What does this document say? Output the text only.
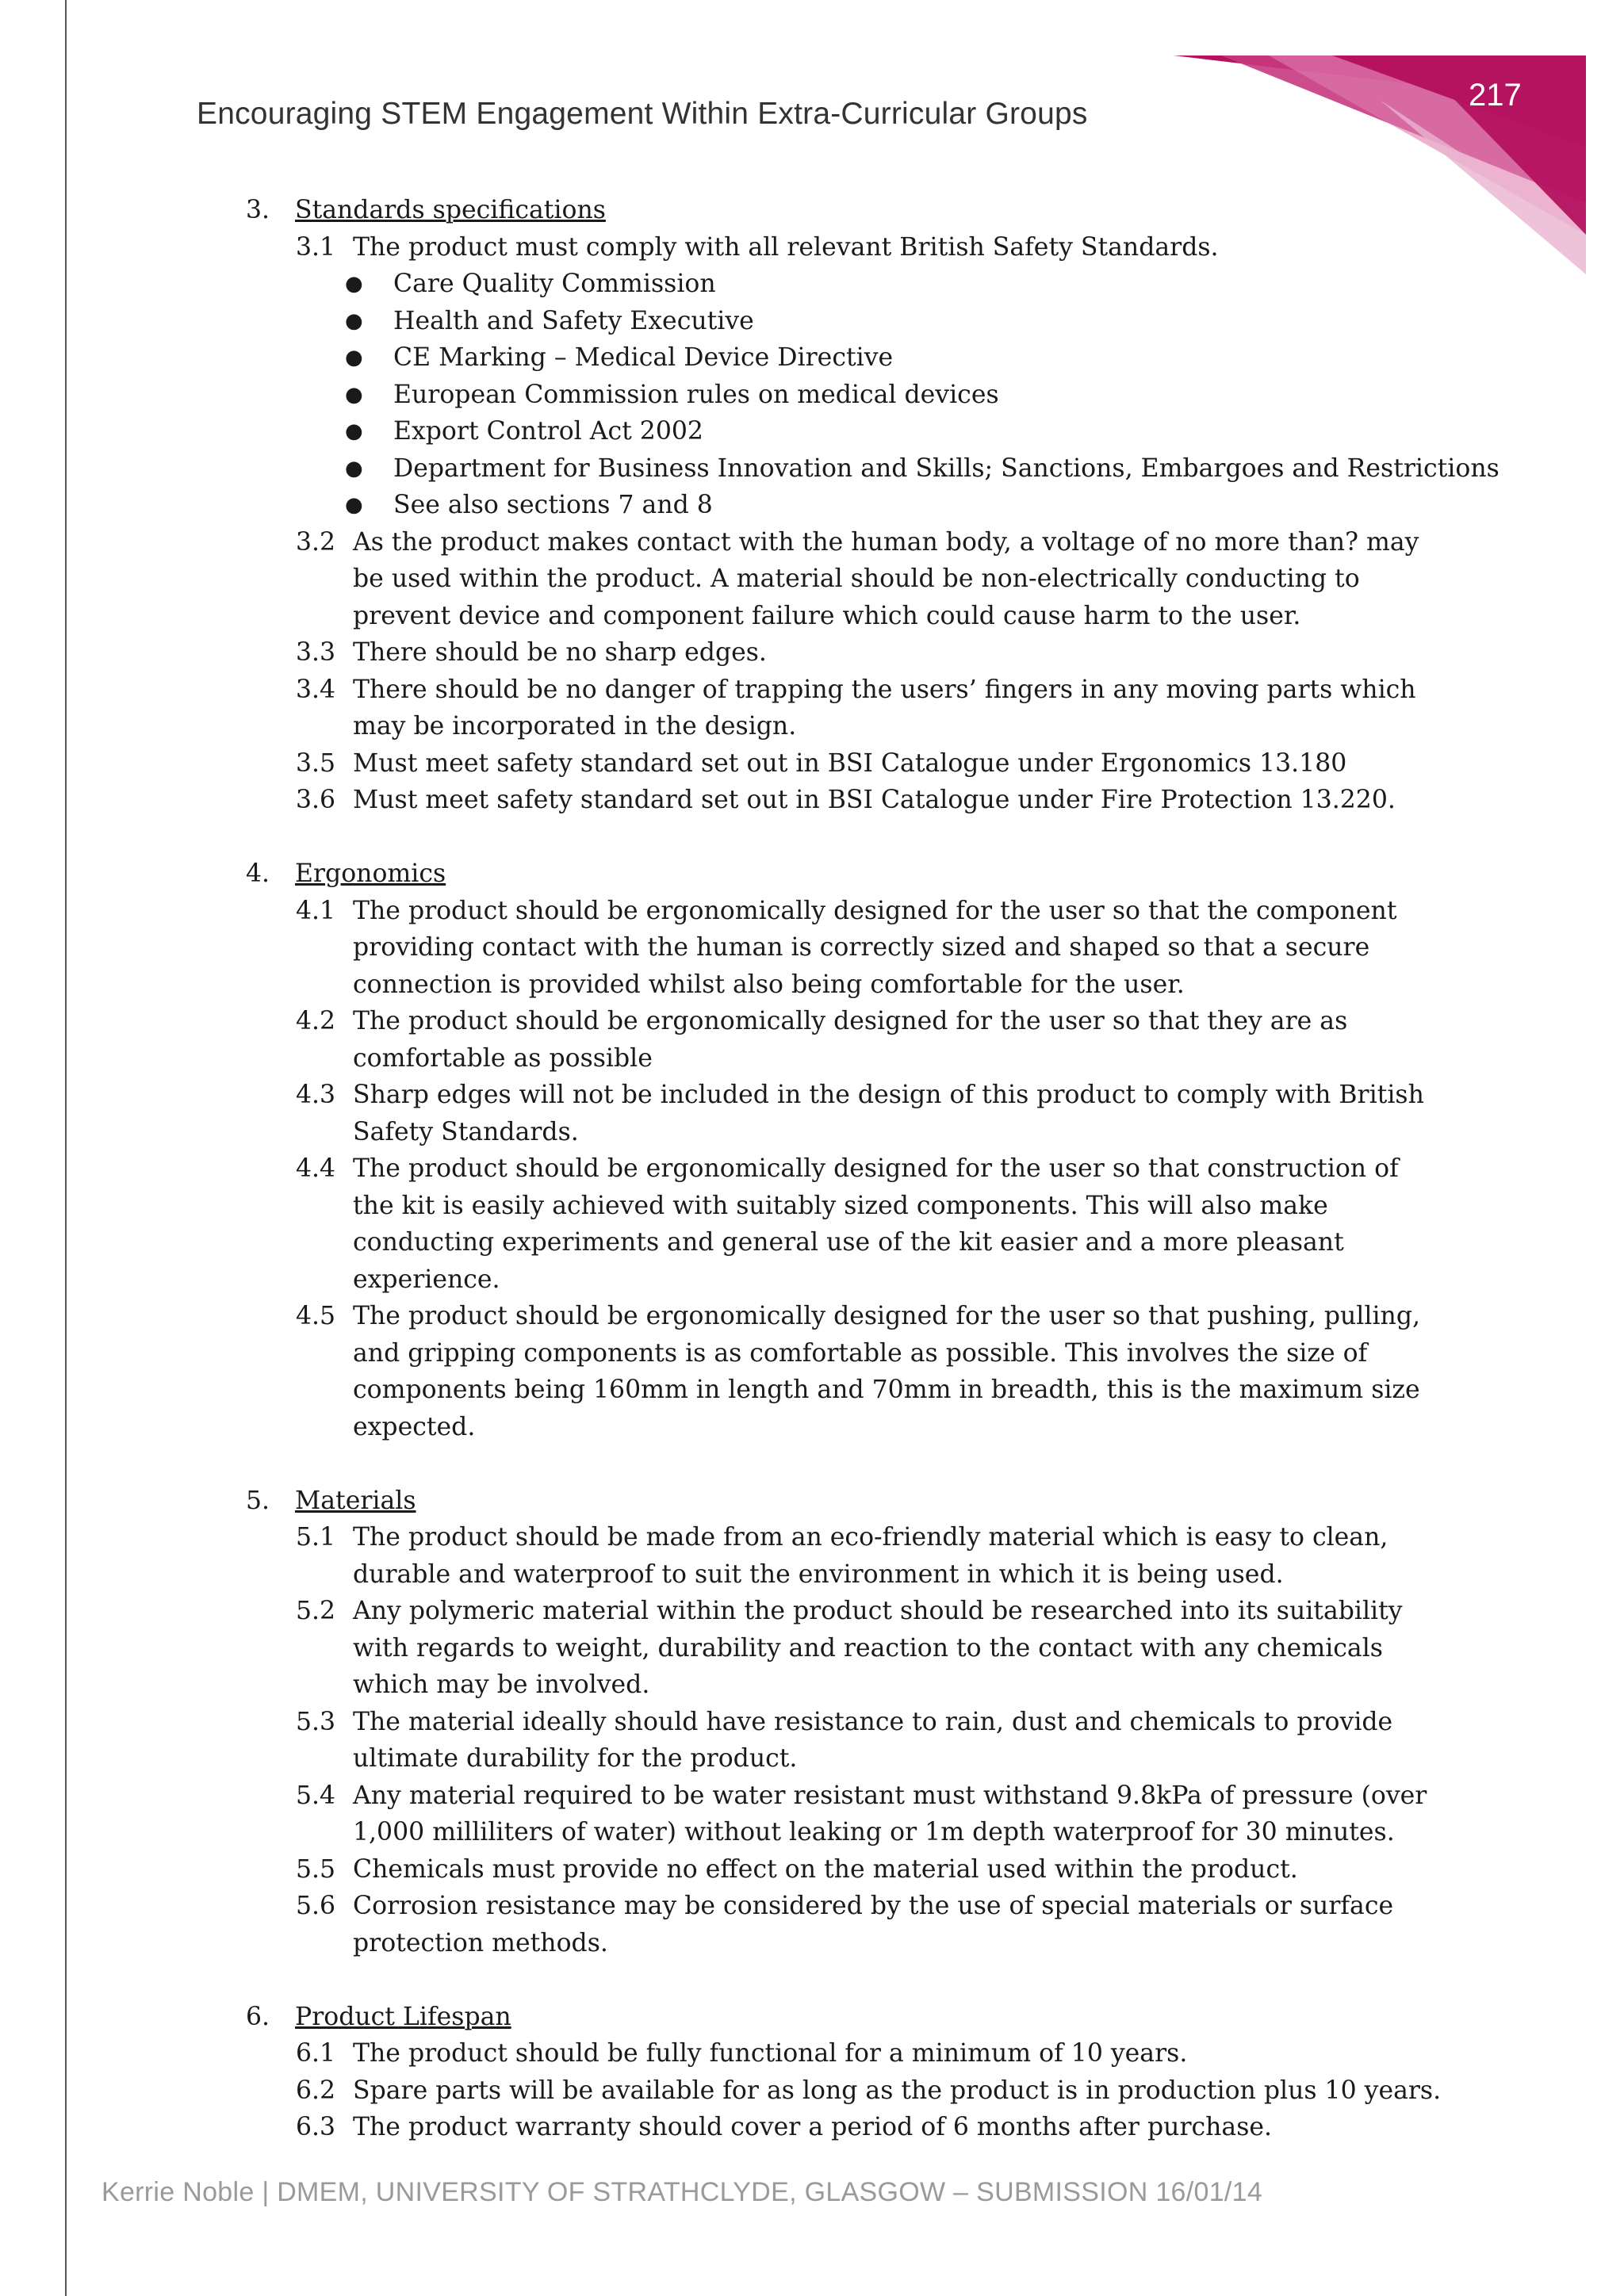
217
Encouraging STEM Engagement Within Extra-Curricular Groups
3. Standards specifications
3.1 The product must comply with all relevant British Safety Standards.
● Care Quality Commission
● Health and Safety Executive
● CE Marking – Medical Device Directive
● European Commission rules on medical devices
● Export Control Act 2002
● Department for Business Innovation and Skills; Sanctions, Embargoes and Restrictions
● See also sections 7 and 8
3.2 As the product makes contact with the human body, a voltage of no more than? may be used within the product. A material should be non-electrically conducting to prevent device and component failure which could cause harm to the user.
3.3 There should be no sharp edges.
3.4 There should be no danger of trapping the users’ fingers in any moving parts which may be incorporated in the design.
3.5 Must meet safety standard set out in BSI Catalogue under Ergonomics 13.180
3.6 Must meet safety standard set out in BSI Catalogue under Fire Protection 13.220.
4. Ergonomics
4.1 The product should be ergonomically designed for the user so that the component providing contact with the human is correctly sized and shaped so that a secure connection is provided whilst also being comfortable for the user.
4.2 The product should be ergonomically designed for the user so that they are as comfortable as possible
4.3 Sharp edges will not be included in the design of this product to comply with British Safety Standards.
4.4 The product should be ergonomically designed for the user so that construction of the kit is easily achieved with suitably sized components. This will also make conducting experiments and general use of the kit easier and a more pleasant experience.
4.5 The product should be ergonomically designed for the user so that pushing, pulling, and gripping components is as comfortable as possible. This involves the size of components being 160mm in length and 70mm in breadth, this is the maximum size expected.
5. Materials
5.1 The product should be made from an eco-friendly material which is easy to clean, durable and waterproof to suit the environment in which it is being used.
5.2 Any polymeric material within the product should be researched into its suitability with regards to weight, durability and reaction to the contact with any chemicals which may be involved.
5.3 The material ideally should have resistance to rain, dust and chemicals to provide ultimate durability for the product.
5.4 Any material required to be water resistant must withstand 9.8kPa of pressure (over 1,000 milliliters of water) without leaking or 1m depth waterproof for 30 minutes.
5.5 Chemicals must provide no effect on the material used within the product.
5.6 Corrosion resistance may be considered by the use of special materials or surface protection methods.
6. Product Lifespan
6.1 The product should be fully functional for a minimum of 10 years.
6.2 Spare parts will be available for as long as the product is in production plus 10 years.
6.3 The product warranty should cover a period of 6 months after purchase.
Kerrie Noble | DMEM, UNIVERSITY OF STRATHCLYDE, GLASGOW – SUBMISSION 16/01/14
